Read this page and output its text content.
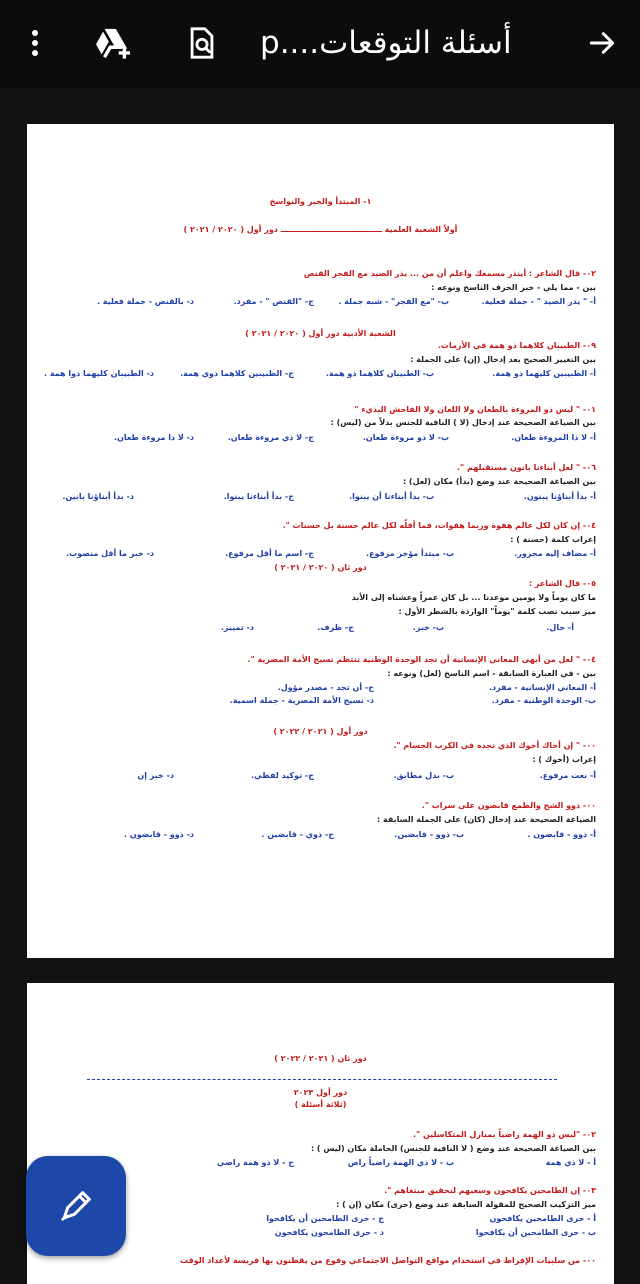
أسئلة التوقعات....p
١- المبتدأ والخبر والنواسخ
أولاً الشعبة العلمية ـــــــــــــــــــــــــــــــــــــ دور أول ( ٢٠٢٠ / ٢٠٢١ )
٠٢- قال الشاعر : أينذر مسمعك واعلم أن من ... يذر الصيد مع الفجر القنص
بين - مما يلي - خبر الحرف الناسخ ونوعه :
أ- " يذر الصيد " - جملة فعلية.
ب- "مع الفجر" - شبه جملة .
ج- "القنص " - مفرد.
د- بالقنص - جملة فعلية .
الشعبة الأدبية دور أول ( ٢٠٢٠ / ٢٠٢١ )
٠٩- الطبيبان كلاهما ذو همة في الأزمات.
بين التغيير الصحيح بعد إدخال (إن) على الجملة :
أ- الطبيبين كليهما ذو همة.
ب- الطبيبان كلاهما ذو همة.
ج- الطبيبين كلاهما ذوي همة.
د- الطبيبان كليهما ذوا همة .
٠١- " ليس ذو المروءة بالطعان ولا اللعان ولا الفاحش البذيء "
بين الصياغة الصحيحة عند إدخال (لا ) النافية للجنس بدلاً من (ليس) :
أ- لا ذا المروءة طعان.
ب- لا ذو مروءة طعان.
ج- لا ذي مروءة طعان.
د- لا ذا مروءة طعان.
٠٦- " لعل أبناءنا بانون مستقبلهم ".
بين الصياغة الصحيحة عند وضع (بدأ) مكان (لعل) :
أ- بدأ أبناؤنا يبنون.
ب- بدأ أبناءنا أن يبنوا.
ج- بدأ أبناءنا يبنوا.
د- بدأ أبناؤنا بانين.
٠٤- إن كان لكل عالم هفوة وربما هفوات، فما أقلّه لكل عالم حسنة بل حسنات ".
إعراب كلمة (حسنة ) :
أ- مضاف إليه مجرور.
ب- مبتدأ مؤخر مرفوع.
ج- اسم ما أقل مرفوع.
د- خبر ما أقل منصوب.
دور ثان ( ٢٠٢٠ / ٢٠٢١ )
٠٥- قال الشاعر :
ما كان يوماً ولا يومين موعدنا ... بل كان عمراً وعشناه إلى الأبد
ميز سبب نصب كلمة "يوماً" الواردة بالشطر الأول :
أ- حال.
ب- خبر.
ج- ظرف.
د- تمييز.
٠٤- " لعل من أبهى المعاني الإنسانية أن تجد الوحدة الوطنية تنتظم نسيج الأمة المصرية ".
بين - في العبارة السابقة - اسم الناسخ (لعل) ونوعه :
أ- المعاني الإنسانية - مفرد.
ج- أن تجد - مصدر مؤول.
ب- الوحدة الوطنية - مفرد.
د- نسيج الأمة المصرية - جملة اسمية.
دور أول ( ٢٠٢١ / ٢٠٢٢ )
٠٠- " إن أخاك أخوك الذي تجده في الكرب الجسام ".
إعراب (أخوك ) :
أ- نعت مرفوع.
ب- بدل مطابق.
ج- توكيد لفظي.
د- خبر إن
٠٠- ذوو الشح والطمع قابضون على سراب ".
الصياغة الصحيحة عند إدخال (كان) على الجملة السابقة :
أ- ذوو - قابضون .
ب- ذوو - قابضين.
ج- ذوي - قابضين .
د- ذوو - قابضون .
دور ثان ( ٢٠٢١ / ٢٠٢٢ )
دور أول ٢٠٢٣
(ثلاثة أسئلة )
٠٢- "ليس ذو الهمة راضياً بمنازل المتكاسلين ".
بين الصياغة الصحيحة عند وضع ( لا النافية للجنس) الحاملة مكان (ليس ) :
أ - لا ذي همة
ب - لا ذي الهمة راضياً راض
ج - لا ذو همة راضي
٠٣- إن الطامحين يكافحون وسعيهم لتحقيق مبتغاهم ".
ميز التركيب الصحيح للمقولة السابقة عند وضع (حرى) مكان (إن ) :
أ - حرى الطامحين يكافحون
ج - حرى الطامحين أن يكافحوا
ب - حرى الطامحين أن يكافحوا
د - حرى الطامحون يكافحون
٠٠- من سلبيات الإفراط في استخدام مواقع التواصل الاجتماعي وقوع من يقطنون بها فريسة لأعداد الوقت
